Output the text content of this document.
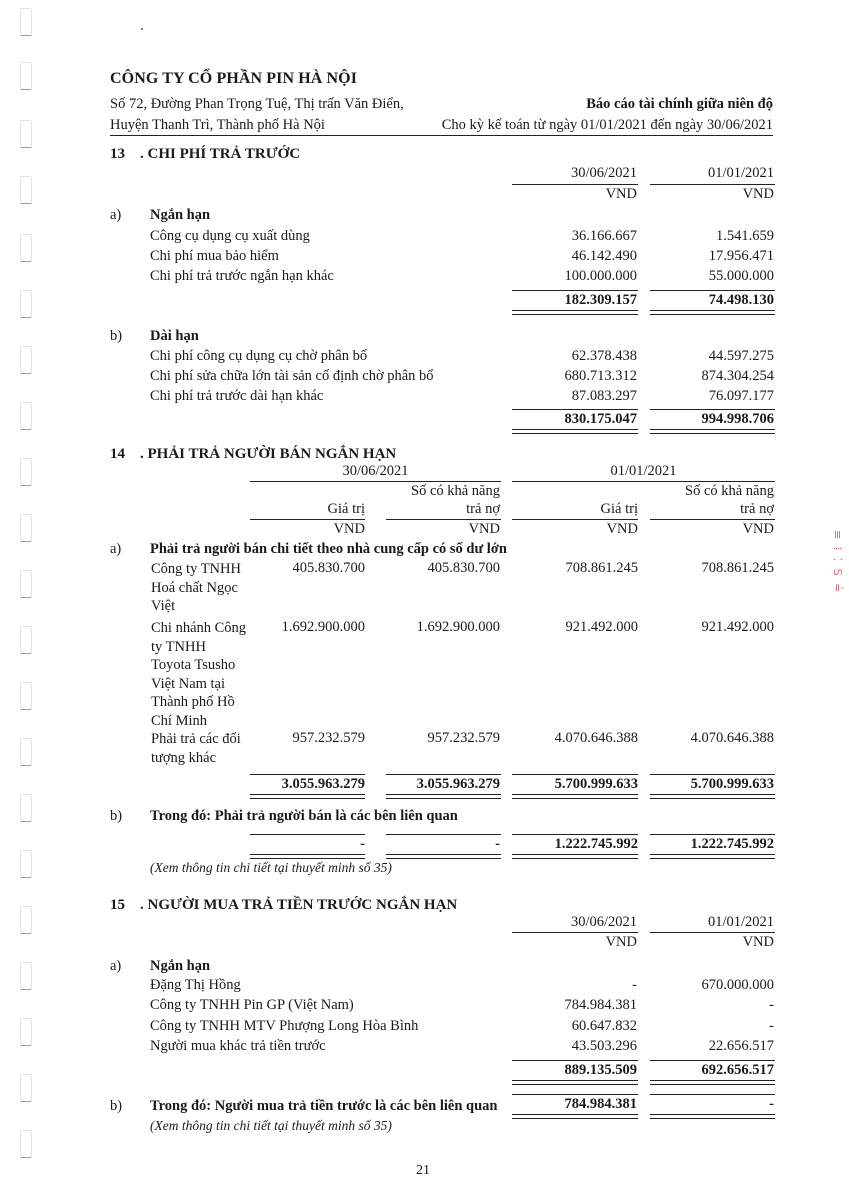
CÔNG TY CỔ PHẦN PIN HÀ NỘI
Số 72, Đường Phan Trọng Tuệ, Thị trấn Văn Điển,
Huyện Thanh Trì, Thành phố Hà Nội
Báo cáo tài chính giữa niên độ
Cho kỳ kế toán từ ngày 01/01/2021 đến ngày 30/06/2021
13 . CHI PHÍ TRẢ TRƯỚC
30/06/2021	01/01/2021
VND	VND
a) Ngắn hạn
Công cụ dụng cụ xuất dùng	36.166.667	1.541.659
Chi phí mua bảo hiểm	46.142.490	17.956.471
Chi phí trả trước ngắn hạn khác	100.000.000	55.000.000
182.309.157	74.498.130
b) Dài hạn
Chi phí công cụ dụng cụ chờ phân bổ	62.378.438	44.597.275
Chi phí sửa chữa lớn tài sản cố định chờ phân bổ	680.713.312	874.304.254
Chi phí trả trước dài hạn khác	87.083.297	76.097.177
830.175.047	994.998.706
14 . PHẢI TRẢ NGƯỜI BÁN NGẮN HẠN
30/06/2021	01/01/2021
Số có khả năng	Số có khả năng
Giá trị	trả nợ	Giá trị	trả nợ
VND	VND	VND	VND
a) Phải trả người bán chi tiết theo nhà cung cấp có số dư lớn
Công ty TNHH
Hoá chất Ngọc
Việt
405.830.700	405.830.700	708.861.245	708.861.245
Chi nhánh Công
ty TNHH
Toyota Tsusho
Việt Nam tại
Thành phố Hồ
Chí Minh
1.692.900.000	1.692.900.000	921.492.000	921.492.000
Phải trả các đối
tượng khác
957.232.579	957.232.579	4.070.646.388	4.070.646.388
3.055.963.279	3.055.963.279	5.700.999.633	5.700.999.633
b) Trong đó: Phải trả người bán là các bên liên quan
-	-	1.222.745.992	1.222.745.992
(Xem thông tin chi tiết tại thuyết minh số 35)
15 . NGƯỜI MUA TRẢ TIỀN TRƯỚC NGẮN HẠN
30/06/2021	01/01/2021
VND	VND
a) Ngắn hạn
Đặng Thị Hồng	-	670.000.000
Công ty TNHH Pin GP (Việt Nam)	784.984.381	-
Công ty TNHH MTV Phượng Long Hòa Bình	60.647.832	-
Người mua khác trả tiền trước	43.503.296	22.656.517
889.135.509	692.656.517
b) Trong đó: Người mua trả tiền trước là các bên liên quan	784.984.381	-
(Xem thông tin chi tiết tại thuyết minh số 35)
≡ ⁞ ⁚ S ≟
21
